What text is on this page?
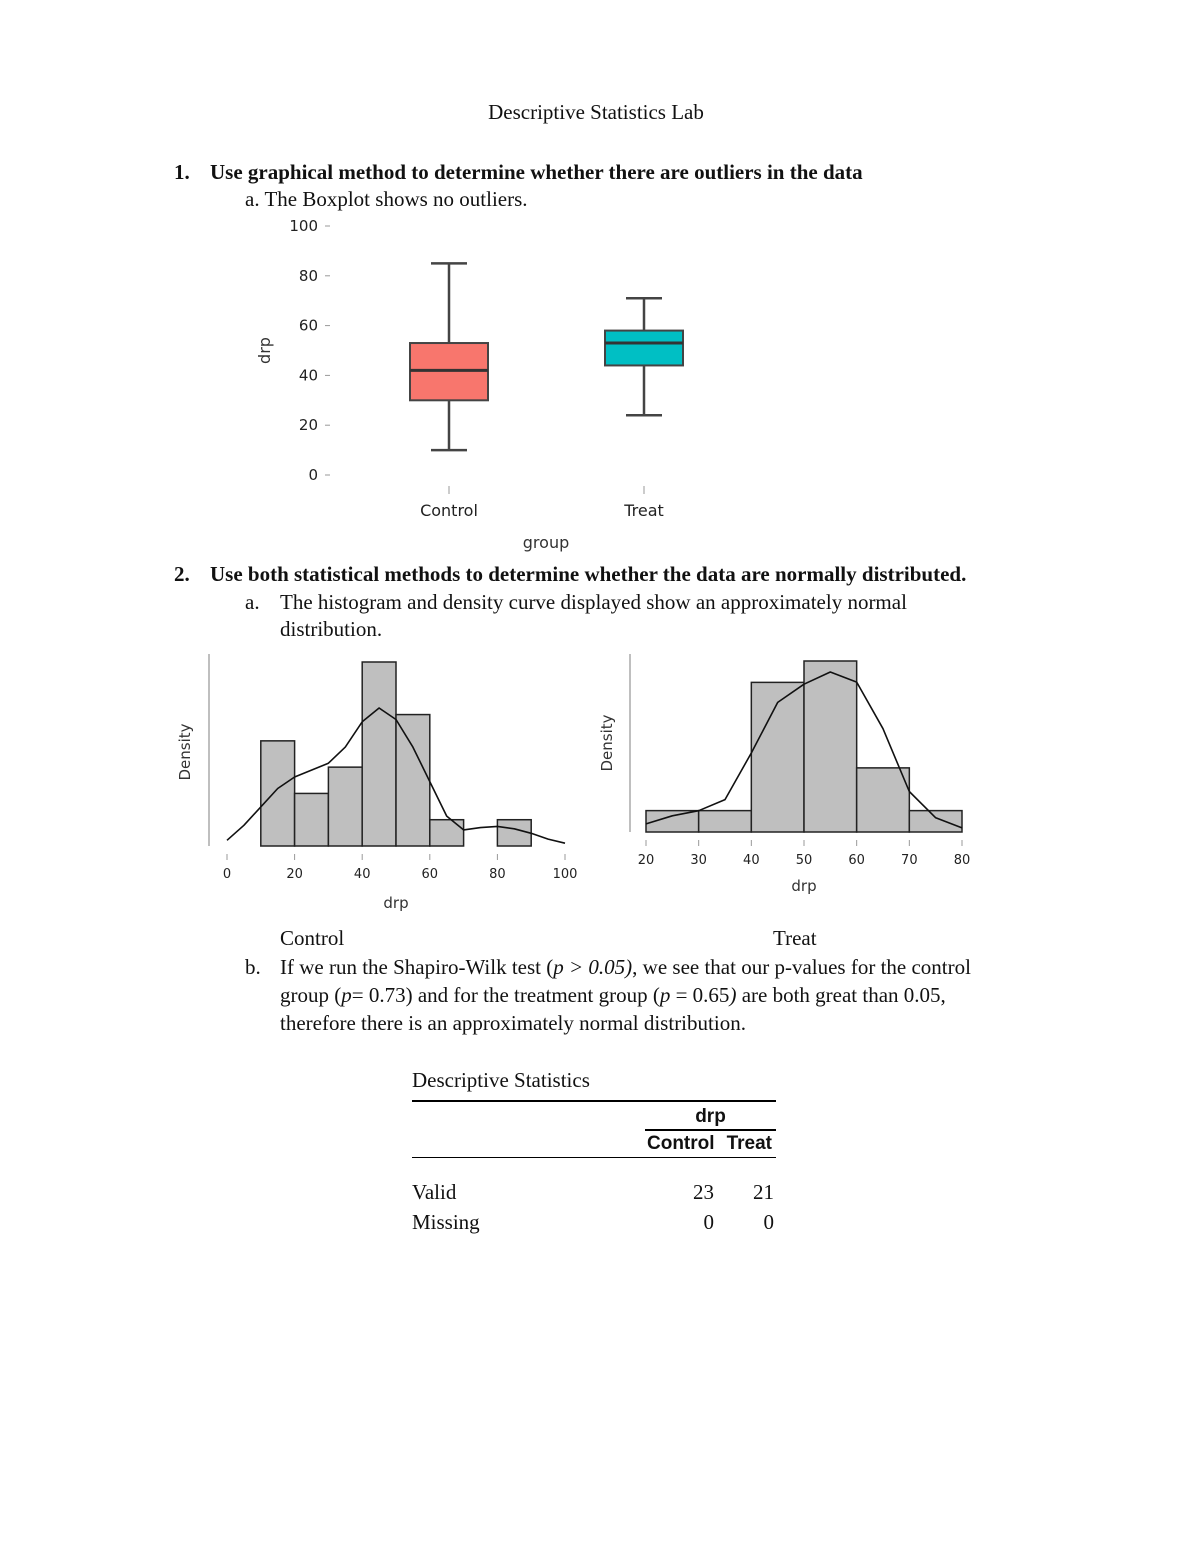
Descriptive Statistics Lab
1. Use graphical method to determine whether there are outliers in the data
a. The Boxplot shows no outliers.
0
20
40
60
80
100
drp
Control	Treat
group
2. Use both statistical methods to determine whether the data are normally distributed.
a. The histogram and density curve displayed show an approximately normal
distribution.
Density
0	20	40	60	80	100
drp
Density
20	30	40	50	60	70	80
drp
Control	Treat
b. If we run the Shapiro-Wilk test (p > 0.05), we see that our p-values for the control
group (p= 0.73) and for the treatment group (p = 0.65) are both great than 0.05,
therefore there is an approximately normal distribution.
Descriptive Statistics
drp
Control Treat
Valid	23 21
Missing	0 0
